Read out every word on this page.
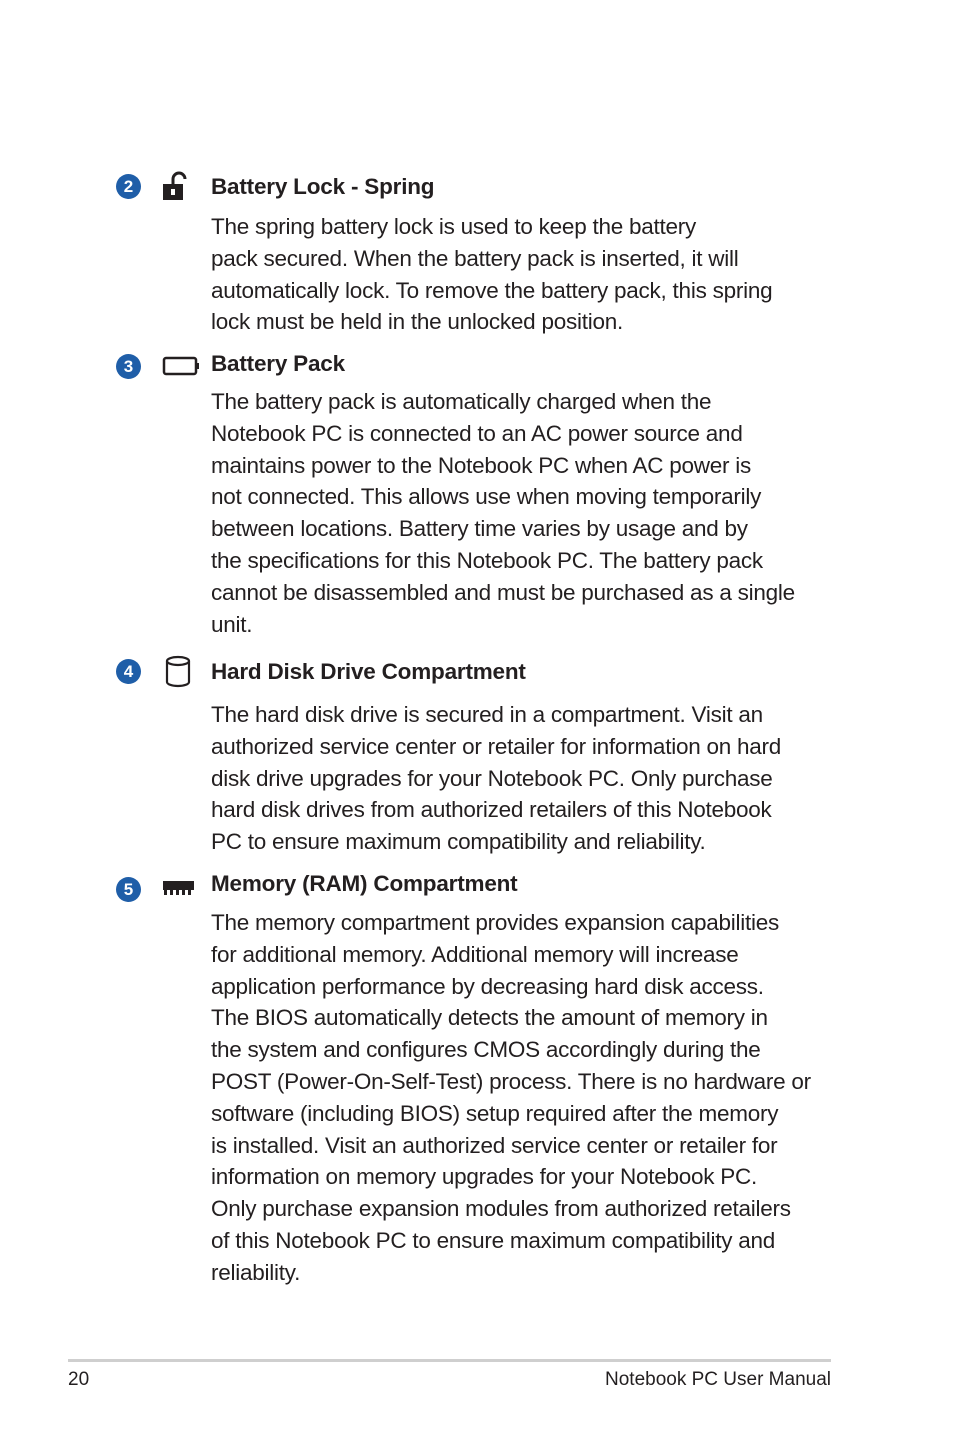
2	Battery Lock - Spring
The spring battery lock is used to keep the battery
pack secured. When the battery pack is inserted, it will
automatically lock. To remove the battery pack, this spring
lock must be held in the unlocked position.
3	Battery Pack
The battery pack is automatically charged when the
Notebook PC is connected to an AC power source and
maintains power to the Notebook PC when AC power is
not connected. This allows use when moving temporarily
between locations. Battery time varies by usage and by
the specifications for this Notebook PC. The battery pack
cannot be disassembled and must be purchased as a single
unit.
4	Hard Disk Drive Compartment
The hard disk drive is secured in a compartment. Visit an
authorized service center or retailer for information on hard
disk drive upgrades for your Notebook PC. Only purchase
hard disk drives from authorized retailers of this Notebook
PC to ensure maximum compatibility and reliability.
5	Memory (RAM) Compartment
The memory compartment provides expansion capabilities
for additional memory. Additional memory will increase
application performance by decreasing hard disk access.
The BIOS automatically detects the amount of memory in
the system and configures CMOS accordingly during the
POST (Power-On-Self-Test) process. There is no hardware or
software (including BIOS) setup required after the memory
is installed. Visit an authorized service center or retailer for
information on memory upgrades for your Notebook PC.
Only purchase expansion modules from authorized retailers
of this Notebook PC to ensure maximum compatibility and
reliability.
20	Notebook PC User Manual
